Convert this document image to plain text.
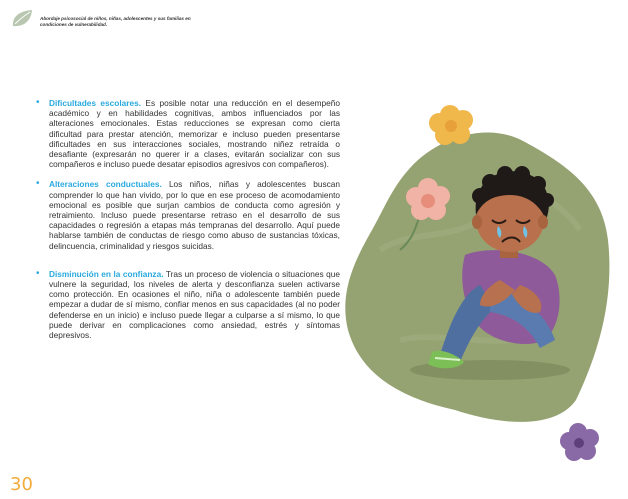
Abordaje psicosocial de niños, niñas, adolescentes y sus familias en condiciones de vulnerabilidad.
• Dificultades escolares. Es posible notar una reducción en el desempeño académico y en habilidades cognitivas, ambos influenciados por las alteraciones emocionales. Estas reducciones se expresan como cierta dificultad para prestar atención, memorizar e incluso pueden presentarse dificultades en sus interacciones sociales, mostrando niñez retraída o desafiante (expresarán no querer ir a clases, evitarán socializar con sus compañeros e incluso puede desatar episodios agresivos con compañeros).

• Alteraciones conductuales. Los niños, niñas y adolescentes buscan comprender lo que han vivido, por lo que en ese proceso de acomodamiento emocional es posible que surjan cambios de conducta como agresión y retraimiento. Incluso puede presentarse retraso en el desarrollo de sus capacidades o regresión a etapas más tempranas del desarrollo. Aquí puede hablarse también de conductas de riesgo como abuso de sustancias tóxicas, delincuencia, criminalidad y riesgos suicidas.

• Disminución en la confianza. Tras un proceso de violencia o situaciones que vulnere la seguridad, los niveles de alerta y desconfianza suelen activarse como protección. En ocasiones el niño, niña o adolescente también puede empezar a dudar de sí mismo, confiar menos en sus capacidades (al no poder defenderse en un inicio) e incluso puede llegar a culparse a sí mismo, lo que puede derivar en complicaciones como ansiedad, estrés y síntomas depresivos.

30
